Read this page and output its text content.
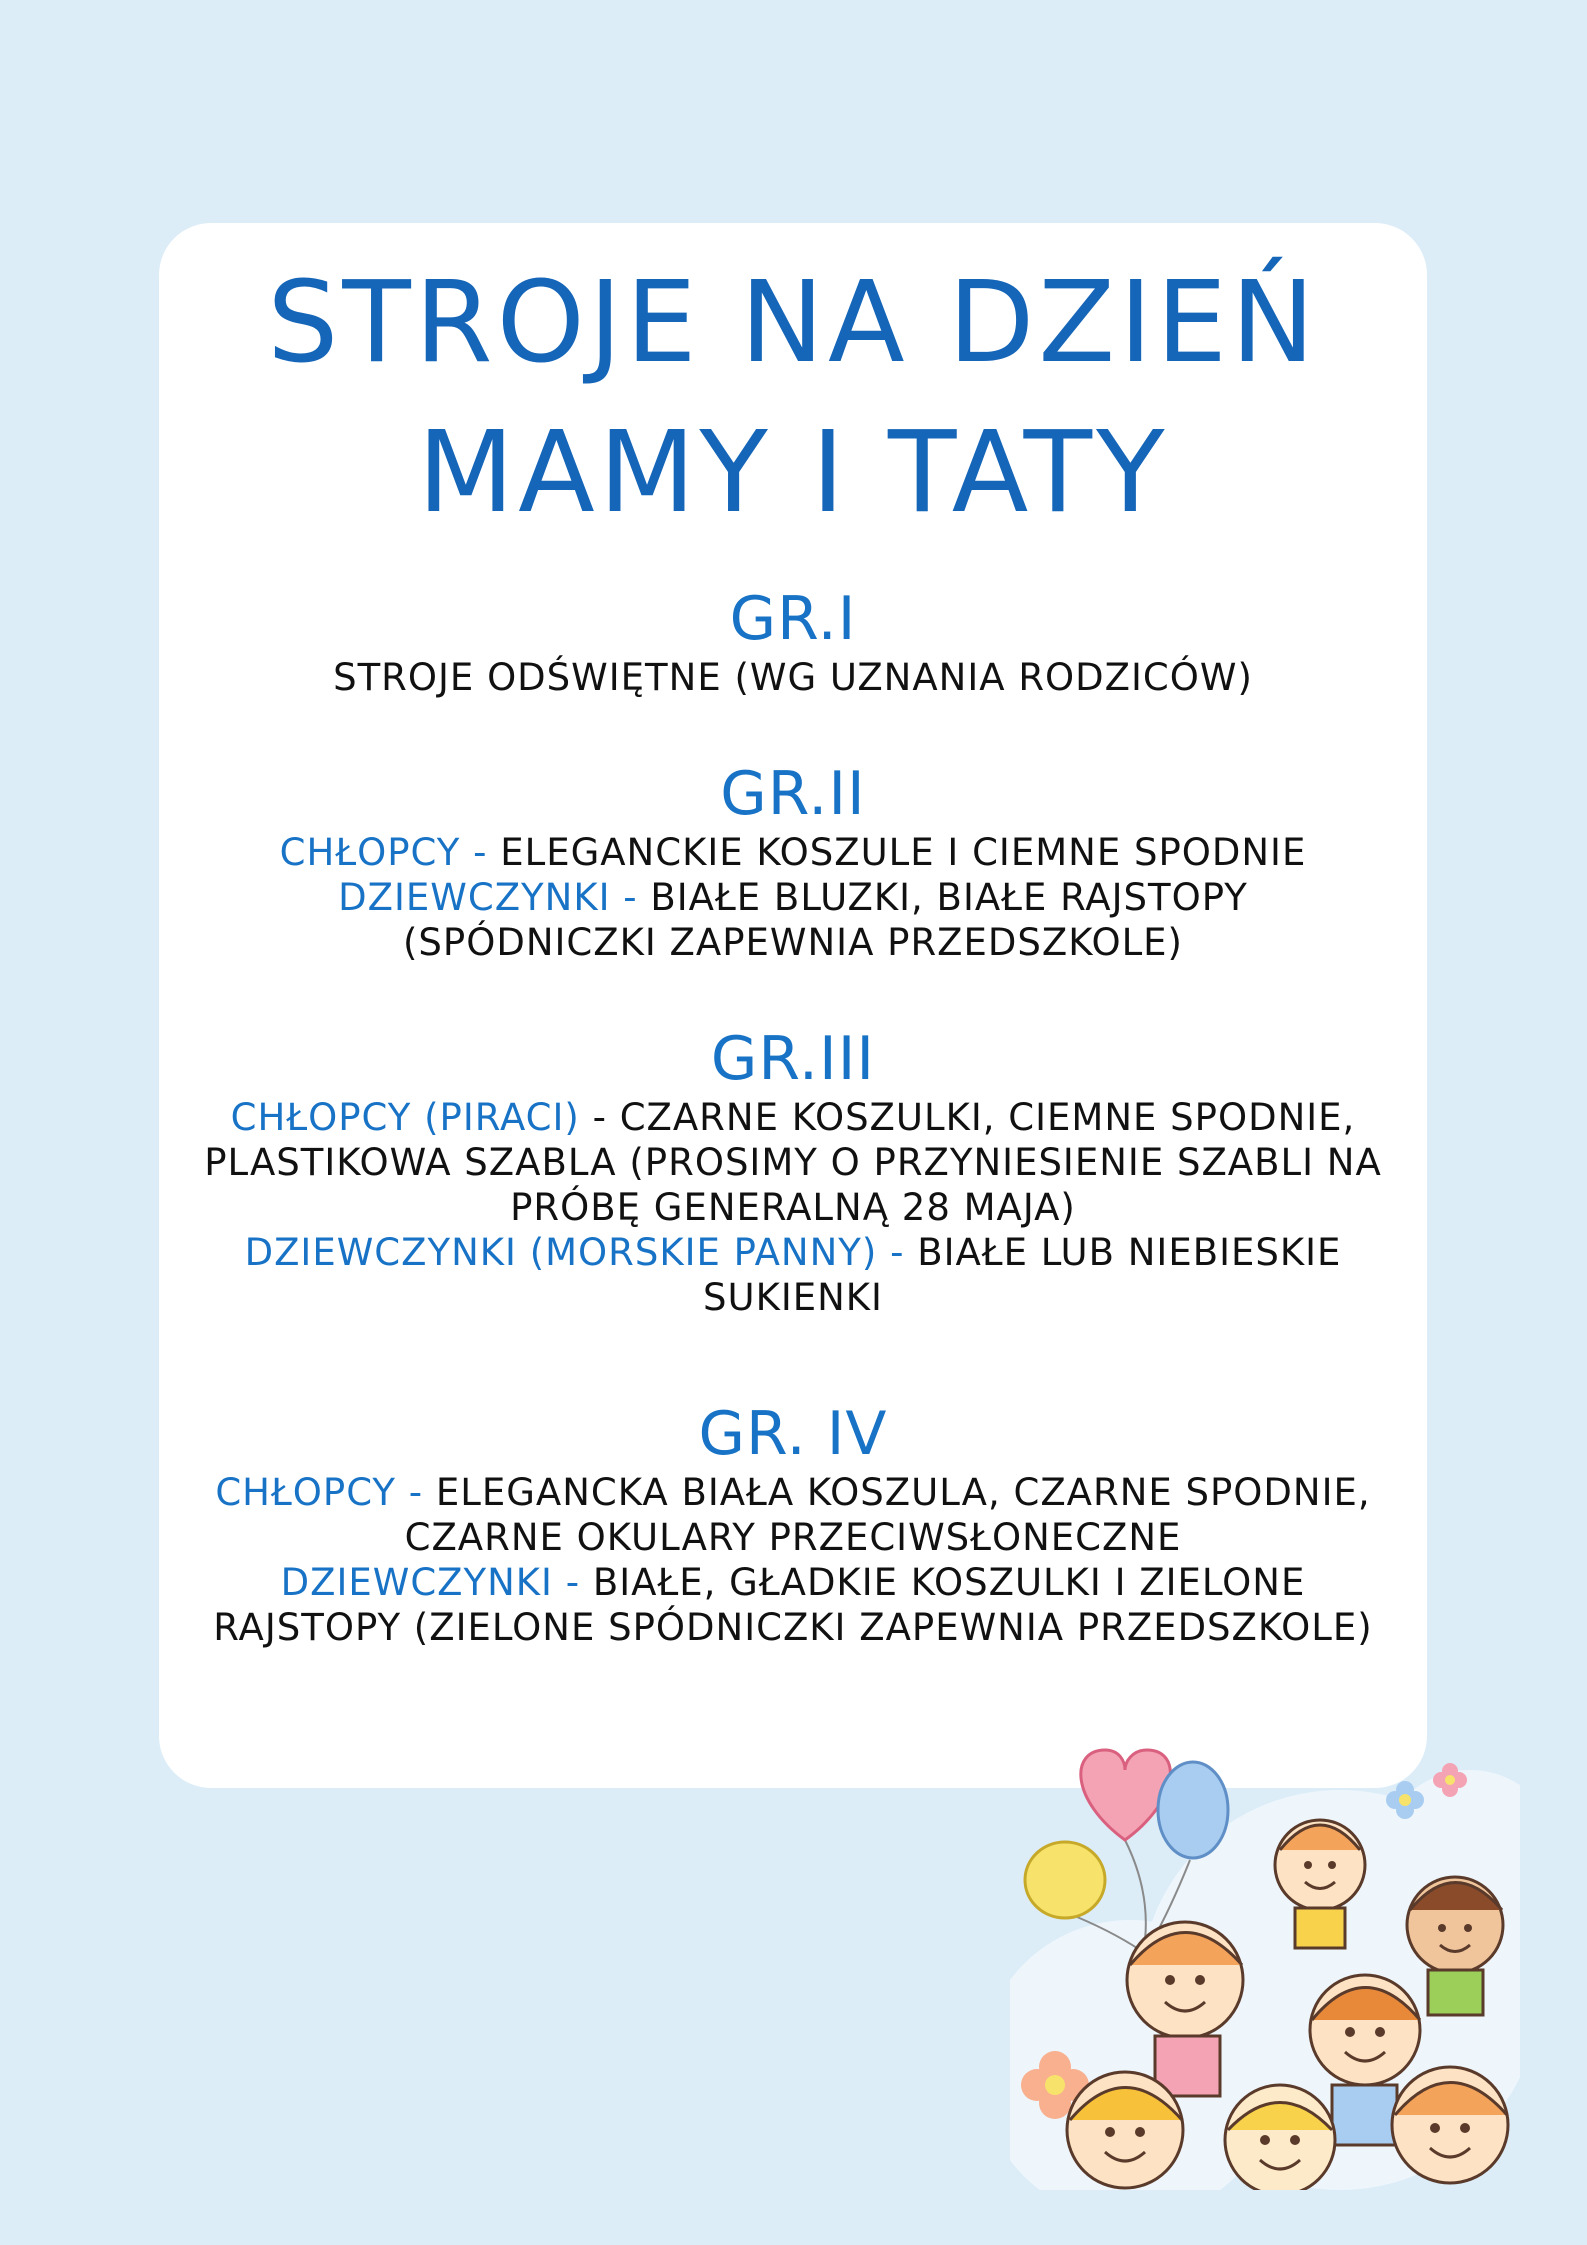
STROJE NA DZIEŃ
MAMY I TATY
GR.I

STROJE ODŚWIĘTNE (WG UZNANIA RODZICÓW)

GR.II

CHŁOPCY - ELEGANCKIE KOSZULE I CIEMNE SPODNIE

DZIEWCZYNKI - BIAŁE BLUZKI, BIAŁE RAJSTOPY

(SPÓDNICZKI ZAPEWNIA PRZEDSZKOLE)

GR.III

CHŁOPCY (PIRACI) - CZARNE KOSZULKI, CIEMNE SPODNIE,

PLASTIKOWA SZABLA (PROSIMY O PRZYNIESIENIE SZABLI NA

PRÓBĘ GENERALNĄ 28 MAJA)

DZIEWCZYNKI (MORSKIE PANNY) - BIAŁE LUB NIEBIESKIE

SUKIENKI

GR. IV

CHŁOPCY - ELEGANCKA BIAŁA KOSZULA, CZARNE SPODNIE,

CZARNE OKULARY PRZECIWSŁONECZNE

DZIEWCZYNKI - BIAŁE, GŁADKIE KOSZULKI I ZIELONE

RAJSTOPY (ZIELONE SPÓDNICZKI ZAPEWNIA PRZEDSZKOLE)
